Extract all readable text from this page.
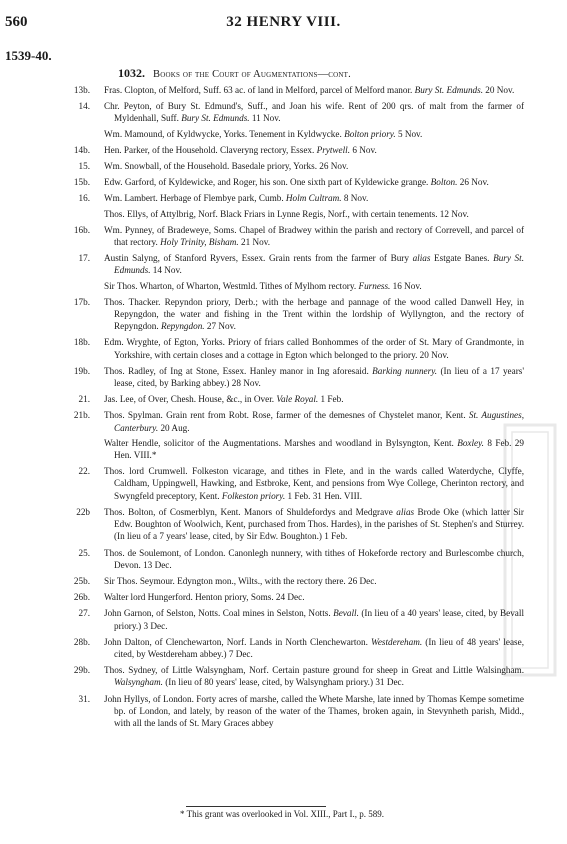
560	32 HENRY VIII.
1539-40.
1032. Books of the Court of Augmentations—cont.
13b.	Fras. Clopton, of Melford, Suff. 63 ac. of land in Melford, parcel of Melford manor. Bury St. Edmunds. 20 Nov.

14.	Chr. Peyton, of Bury St. Edmund's, Suff., and Joan his wife. Rent of 200 qrs. of malt from the farmer of Myldenhall, Suff. Bury St. Edmunds. 11 Nov.

Wm. Mamound, of Kyldwycke, Yorks. Tenement in Kyldwycke. Bolton priory. 5 Nov.

14b.	Hen. Parker, of the Household. Claveryng rectory, Essex. Prytwell. 6 Nov.

15.	Wm. Snowball, of the Household. Basedale priory, Yorks. 26 Nov.

15b.	Edw. Garford, of Kyldewicke, and Roger, his son. One sixth part of Kyldewicke grange. Bolton. 26 Nov.

16.	Wm. Lambert. Herbage of Flembye park, Cumb. Holm Cultram. 8 Nov.

Thos. Ellys, of Attylbrig, Norf. Black Friars in Lynne Regis, Norf., with certain tenements. 12 Nov.

16b.	Wm. Pynney, of Bradeweye, Soms. Chapel of Bradwey within the parish and rectory of Correvell, and parcel of that rectory. Holy Trinity, Bisham. 21 Nov.

17.	Austin Salyng, of Stanford Ryvers, Essex. Grain rents from the farmer of Bury alias Estgate Banes. Bury St. Edmunds. 14 Nov.

Sir Thos. Wharton, of Wharton, Westmld. Tithes of Mylhom rectory. Furness. 16 Nov.

17b.	Thos. Thacker. Repyndon priory, Derb.; with the herbage and pannage of the wood called Danwell Hey, in Repyngdon, the water and fishing in the Trent within the lordship of Wyllyngton, and the rectory of Repyngdon. Repyngdon. 27 Nov.

18b.	Edm. Wryghte, of Egton, Yorks. Priory of friars called Bonhommes of the order of St. Mary of Grandmonte, in Yorkshire, with certain closes and a cottage in Egton which belonged to the priory. 20 Nov.

19b.	Thos. Radley, of Ing at Stone, Essex. Hanley manor in Ing aforesaid. Barking nunnery. (In lieu of a 17 years' lease, cited, by Barking abbey.) 28 Nov.

21.	Jas. Lee, of Over, Chesh. House, &c., in Over. Vale Royal. 1 Feb.

21b.	Thos. Spylman. Grain rent from Robt. Rose, farmer of the demesnes of Chystelet manor, Kent. St. Augustines, Canterbury. 20 Aug.

Walter Hendle, solicitor of the Augmentations. Marshes and woodland in Bylsyngton, Kent. Boxley. 8 Feb. 29 Hen. VIII.*

22.	Thos. lord Crumwell. Folkeston vicarage, and tithes in Flete, and in the wards called Waterdyche, Clyffe, Caldham, Uppingwell, Hawking, and Estbroke, Kent, and pensions from Wye College, Cherinton rectory, and Swyngfeld preceptory, Kent. Folkeston priory. 1 Feb. 31 Hen. VIII.

22b	Thos. Bolton, of Cosmerblyn, Kent. Manors of Shuldefordys and Medgrave alias Brode Oke (which latter Sir Edw. Boughton of Woolwich, Kent, purchased from Thos. Hardes), in the parishes of St. Stephen's and Sturrey. (In lieu of a 7 years' lease, cited, by Sir Edw. Boughton.) 1 Feb.

25.	Thos. de Soulemont, of London. Canonlegh nunnery, with tithes of Hokeforde rectory and Burlescombe church, Devon. 13 Dec.

25b.	Sir Thos. Seymour. Edyngton mon., Wilts., with the rectory there. 26 Dec.

26b.	Walter lord Hungerford. Henton priory, Soms. 24 Dec.

27.	John Garnon, of Selston, Notts. Coal mines in Selston, Notts. Bevall. (In lieu of a 40 years' lease, cited, by Bevall priory.) 3 Dec.

28b.	John Dalton, of Clenchewarton, Norf. Lands in North Clenchewarton. Westdereham. (In lieu of 48 years' lease, cited, by Westdereham abbey.) 7 Dec.

29b.	Thos. Sydney, of Little Walsyngham, Norf. Certain pasture ground for sheep in Great and Little Walsingham. Walsyngham. (In lieu of 80 years' lease, cited, by Walsyngham priory.) 31 Dec.

31.	John Hyllys, of London. Forty acres of marshe, called the Whete Marshe, late inned by Thomas Kempe sometime bp. of London, and lately, by reason of the water of the Thames, broken again, in Stevynheth parish, Midd., with all the lands of St. Mary Graces abbey

* This grant was overlooked in Vol. XIII., Part I., p. 589.
